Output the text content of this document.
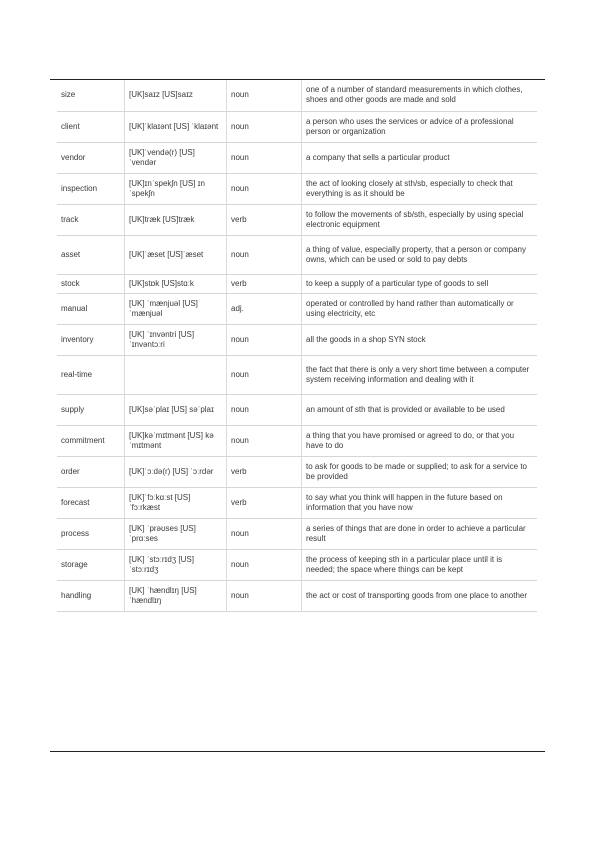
size	[UK]saɪz [US]saɪz	noun	one of a number of standard measurements in which clothes, shoes and other goods are made and sold
client	[UK]ˈklaɪənt [US] ˈklaɪənt	noun	a person who uses the services or advice of a professional person or organization
vendor	[UK]ˈvendə(r) [US] ˈvendər	noun	a company that sells a particular product
inspection	[UK]ɪnˈspekʃn [US] ɪnˈspekʃn	noun	the act of looking closely at sth/sb, especially to check that everything is as it should be
track	[UK]træk [US]træk	verb	to follow the movements of sb/sth, especially by using special electronic equipment
asset	[UK]ˈæset [US]ˈæset	noun	a thing of value, especially property, that a person or company owns, which can be used or sold to pay debts
stock	[UK]stɒk [US]stɑːk	verb	to keep a supply of a particular type of goods to sell
manual	[UK] ˈmænjuəl [US] ˈmænjuəl	adj.	operated or controlled by hand rather than automatically or using electricity, etc
inventory	[UK] ˈɪnvəntri [US] ˈɪnvəntɔːri	noun	all the goods in a shop SYN stock
real-time		noun	the fact that there is only a very short time between a computer system receiving information and dealing with it
supply	[UK]səˈplaɪ [US] səˈplaɪ	noun	an amount of sth that is provided or available to be used
commitment	[UK]kəˈmɪtmənt [US] kəˈmɪtmənt	noun	a thing that you have promised or agreed to do, or that you have to do
order	[UK]ˈɔːdə(r) [US] ˈɔːrdər	verb	to ask for goods to be made or supplied; to ask for a service to be provided
forecast	[UK]ˈfɔːkɑːst [US] ˈfɔːrkæst	verb	to say what you think will happen in the future based on information that you have now
process	[UK] ˈprəʊses [US] ˈprɑːses	noun	a series of things that are done in order to achieve a particular result
storage	[UK] ˈstɔːrɪdʒ [US] ˈstɔːrɪdʒ	noun	the process of keeping sth in a particular place until it is needed; the space where things can be kept
handling	[UK] ˈhændlɪŋ [US] ˈhændlɪŋ	noun	the act or cost of transporting goods from one place to another
